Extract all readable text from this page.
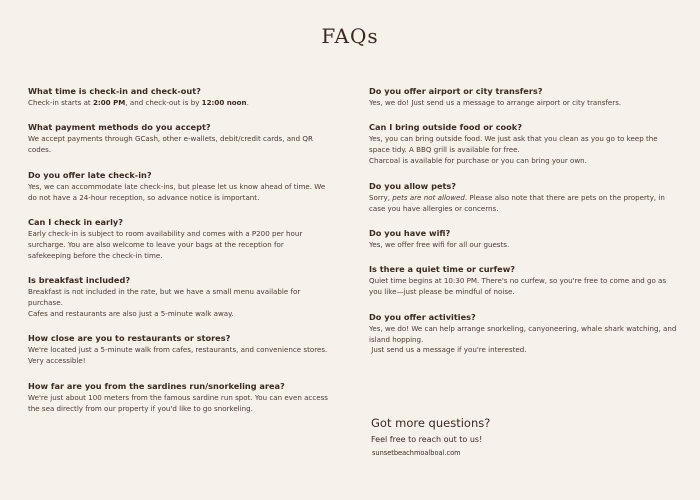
FAQs
What time is check-in and check-out?

Check-in starts at 2:00 PM, and check-out is by 12:00 noon.

What payment methods do you accept?

We accept payments through GCash, other e-wallets, debit/credit cards, and QR codes.

Do you offer late check-in?

Yes, we can accommodate late check-ins, but please let us know ahead of time. We do not have a 24-hour reception, so advance notice is important.

Can I check in early?

Early check-in is subject to room availability and comes with a P200 per hour surcharge. You are also welcome to leave your bags at the reception for safekeeping before the check-in time.

Is breakfast included?

Breakfast is not included in the rate, but we have a small menu available for purchase.

Cafes and restaurants are also just a 5-minute walk away.

How close are you to restaurants or stores?

We're located just a 5-minute walk from cafes, restaurants, and convenience stores. Very accessible!

How far are you from the sardines run/snorkeling area?

We're just about 100 meters from the famous sardine run spot. You can even access the sea directly from our property if you'd like to go snorkeling.

Do you offer airport or city transfers?

Yes, we do! Just send us a message to arrange airport or city transfers.

Can I bring outside food or cook?

Yes, you can bring outside food. We just ask that you clean as you go to keep the space tidy. A BBQ grill is available for free.

Charcoal is available for purchase or you can bring your own.

Do you allow pets?

Sorry, pets are not allowed. Please also note that there are pets on the property, in case you have allergies or concerns.

Do you have wifi?

Yes, we offer free wifi for all our guests.

Is there a quiet time or curfew?

Quiet time begins at 10:30 PM. There's no curfew, so you're free to come and go as you like—just please be mindful of noise.

Do you offer activities?

Yes, we do! We can help arrange snorkeling, canyoneering, whale shark watching, and island hopping.

Just send us a message if you're interested.

Got more questions?
Feel free to reach out to us!
sunsetbeachmoalboal.com
